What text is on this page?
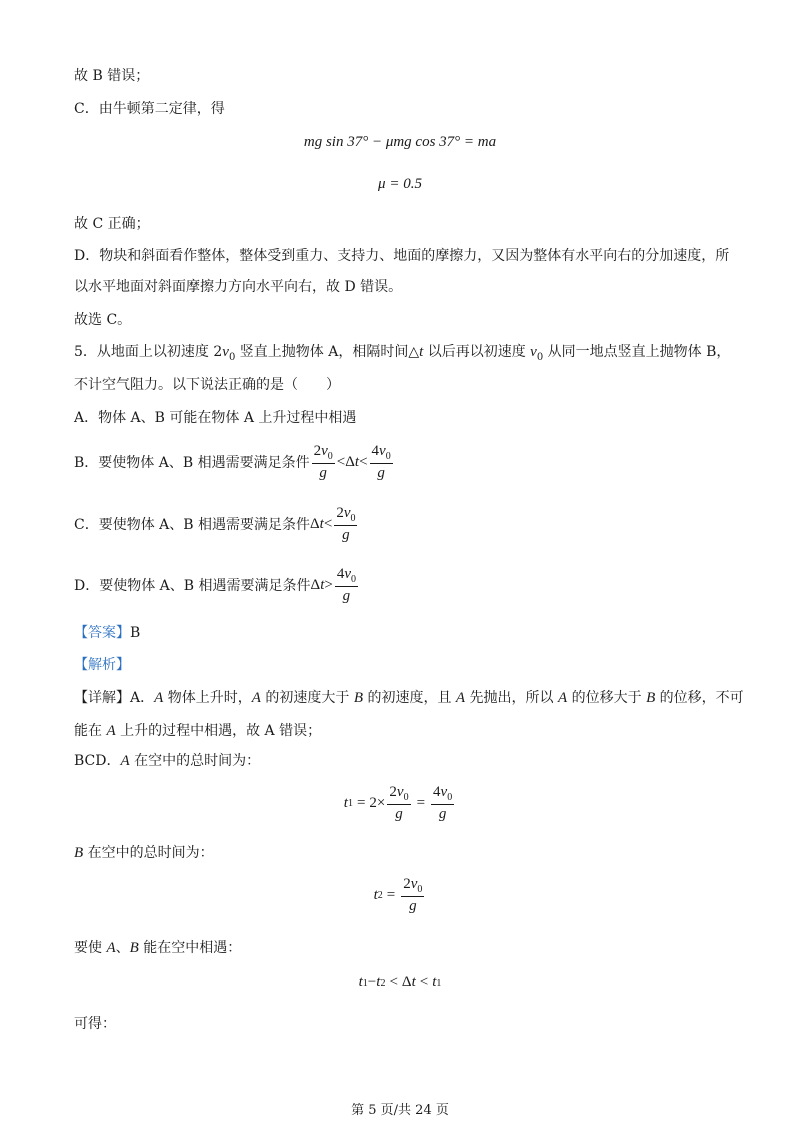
故 B 错误；
C．由牛顿第二定律，得
mg sin 37° − μmg cos 37° = ma
μ = 0.5
故 C 正确；
D．物块和斜面看作整体，整体受到重力、支持力、地面的摩擦力，又因为整体有水平向右的分加速度，所
以水平地面对斜面摩擦力方向水平向右，故 D 错误。
故选 C。
5．从地面上以初速度 $2v_0$ 竖直上抛物体 A，相隔时间△t 以后再以初速度 $v_0$ 从同一地点竖直上抛物体 B，
不计空气阻力。以下说法正确的是（　　）
A．物体 A、B 可能在物体 A 上升过程中相遇
B．要使物体 A、B 相遇需要满足条件 $\frac{2v_0}{g} < \Delta$ $t < \frac{4v_0}{g}$
C．要使物体 A、B 相遇需要满足条件 Δ $t < \frac{2v_0}{g}$
D．要使物体 A、B 相遇需要满足条件 Δ $t > \frac{4v_0}{g}$
【答案】B
【解析】
【详解】A．A 物体上升时，A 的初速度大于 B 的初速度，且 A 先抛出，所以 A 的位移大于 B 的位移，不可
能在 A 上升的过程中相遇，故 A 错误；
BCD．A 在空中的总时间为：
t $1 = 2\times \frac{2v_0}{g} = \frac{4v_0}{g}$
B 在空中的总时间为：
t $2 = \frac{2v_0}{g}$
要使 A、B 能在空中相遇：
t 1 − t 2 < Δ t < t 1
可得：
第 5 页/共 24 页
